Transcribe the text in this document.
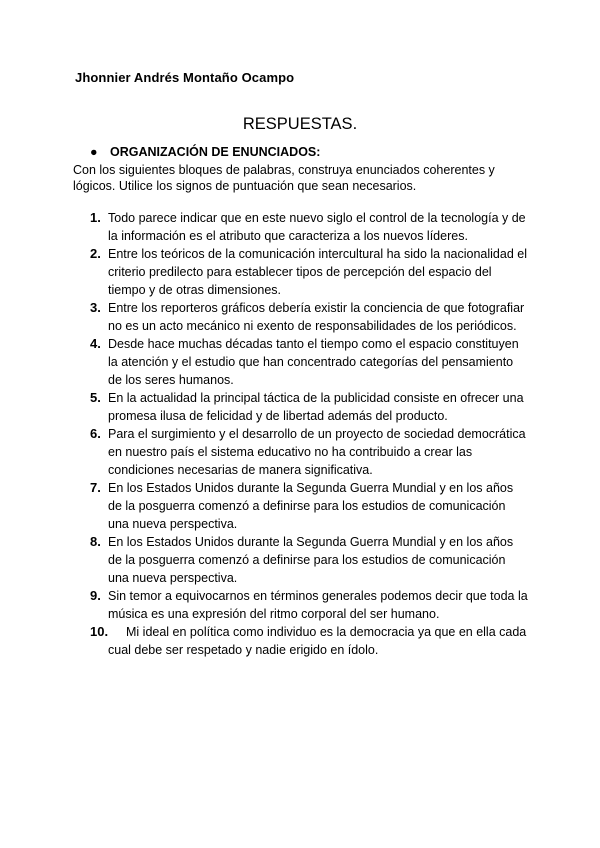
Jhonnier Andrés Montaño Ocampo
RESPUESTAS.
● ORGANIZACIÓN DE ENUNCIADOS:
Con los siguientes bloques de palabras, construya enunciados coherentes y lógicos. Utilice los signos de puntuación que sean necesarios.
1. Todo parece indicar que en este nuevo siglo el control de la tecnología y de la información es el atributo que caracteriza a los nuevos líderes.
2. Entre los teóricos de la comunicación intercultural ha sido la nacionalidad el criterio predilecto para establecer tipos de percepción del espacio del tiempo y de otras dimensiones.
3. Entre los reporteros gráficos debería existir la conciencia de que fotografiar no es un acto mecánico ni exento de responsabilidades de los periódicos.
4. Desde hace muchas décadas tanto el tiempo como el espacio constituyen la atención y el estudio que han concentrado categorías del pensamiento de los seres humanos.
5. En la actualidad la principal táctica de la publicidad consiste en ofrecer una promesa ilusa de felicidad y de libertad además del producto.
6. Para el surgimiento y el desarrollo de un proyecto de sociedad democrática en nuestro país el sistema educativo no ha contribuido a crear las condiciones necesarias de manera significativa.
7. En los Estados Unidos durante la Segunda Guerra Mundial y en los años de la posguerra comenzó a definirse para los estudios de comunicación una nueva perspectiva.
8. En los Estados Unidos durante la Segunda Guerra Mundial y en los años de la posguerra comenzó a definirse para los estudios de comunicación una nueva perspectiva.
9. Sin temor a equivocarnos en términos generales podemos decir que toda la música es una expresión del ritmo corporal del ser humano.
10.	Mi ideal en política como individuo es la democracia ya que en ella cada cual debe ser respetado y nadie erigido en ídolo.
